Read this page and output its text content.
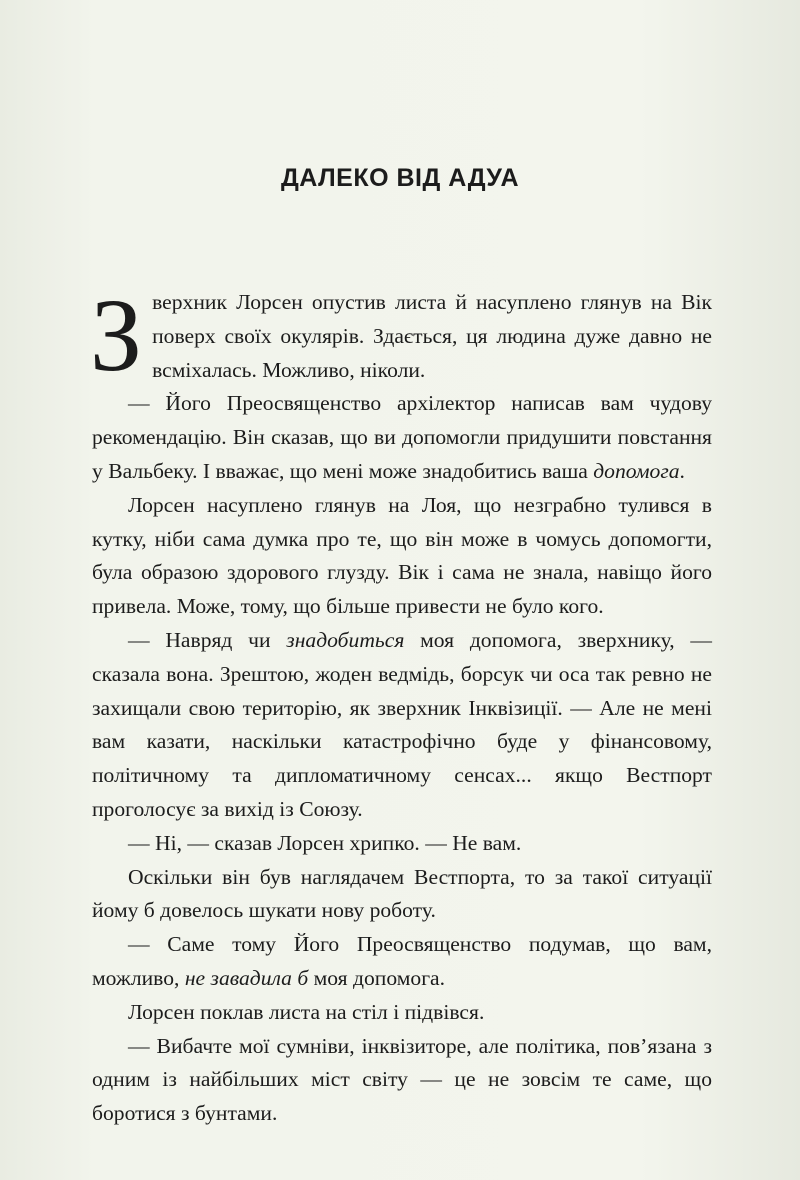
ДАЛЕКО ВІД АДУА

Зверхник Лорсен опустив листа й насуплено глянув на Вік поверх своїх окулярів. Здається, ця людина дуже давно не всміхалась. Можливо, ніколи.

— Його Преосвященство архілектор написав вам чудову рекомендацію. Він сказав, що ви допомогли придушити повстання у Вальбеку. І вважає, що мені може знадобитись ваша допомога.

Лорсен насуплено глянув на Лоя, що незграбно тулився в кутку, ніби сама думка про те, що він може в чомусь допомогти, була образою здорового глузду. Вік і сама не знала, навіщо його привела. Може, тому, що більше привести не було кого.

— Навряд чи знадобиться моя допомога, зверхнику, — сказала вона. Зрештою, жоден ведмідь, борсук чи оса так ревно не захищали свою територію, як зверхник Інквізиції. — Але не мені вам казати, наскільки катастрофічно буде у фінансовому, політичному та дипломатичному сенсах... якщо Вестпорт проголосує за вихід із Союзу.

— Ні, — сказав Лорсен хрипко. — Не вам.

Оскільки він був наглядачем Вестпорта, то за такої ситуації йому б довелось шукати нову роботу.

— Саме тому Його Преосвященство подумав, що вам, можливо, не завадила б моя допомога.

Лорсен поклав листа на стіл і підвівся.

— Вибачте мої сумніви, інквізиторе, але політика, пов’язана з одним із найбільших міст світу — це не зовсім те саме, що боротися з бунтами.
